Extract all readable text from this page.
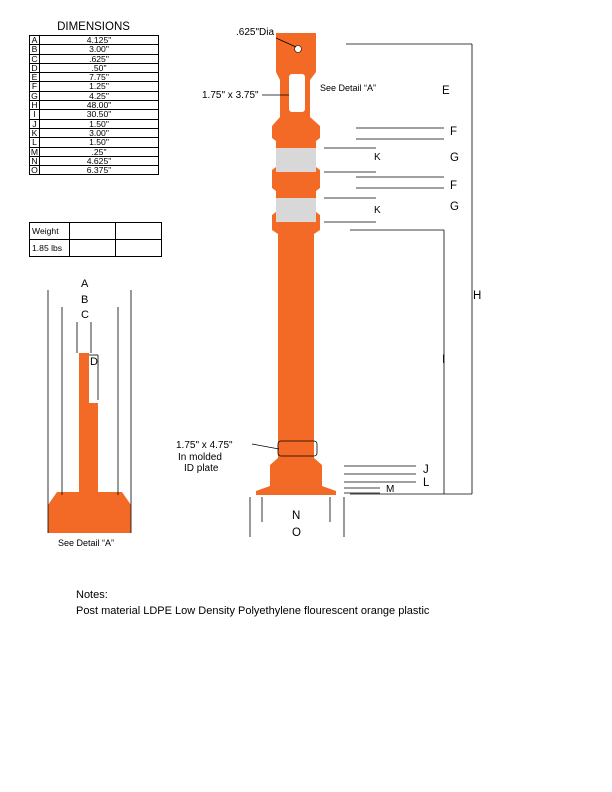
DIMENSIONS
A	4.125"
B	3.00"
C	.625"
D	.50"
E	7.75"
F	1.25"
G	4.25"
H	48.00"
I	30.50"
J	1.50"
K	3.00"
L	1.50"
M	.25"
N	4.625"
O	6.375"
Weight		
1.85 lbs		
A
B
C
D
See Detail “A”
.625"Dia
1.75" x 3.75"
See Detail “A”
1.75" x 4.75"
In molded
ID plate
E
F
G
K
F
G
K
H
I
J
L
M
N
O
Notes:
Post material LDPE Low Density Polyethylene flourescent orange plastic
